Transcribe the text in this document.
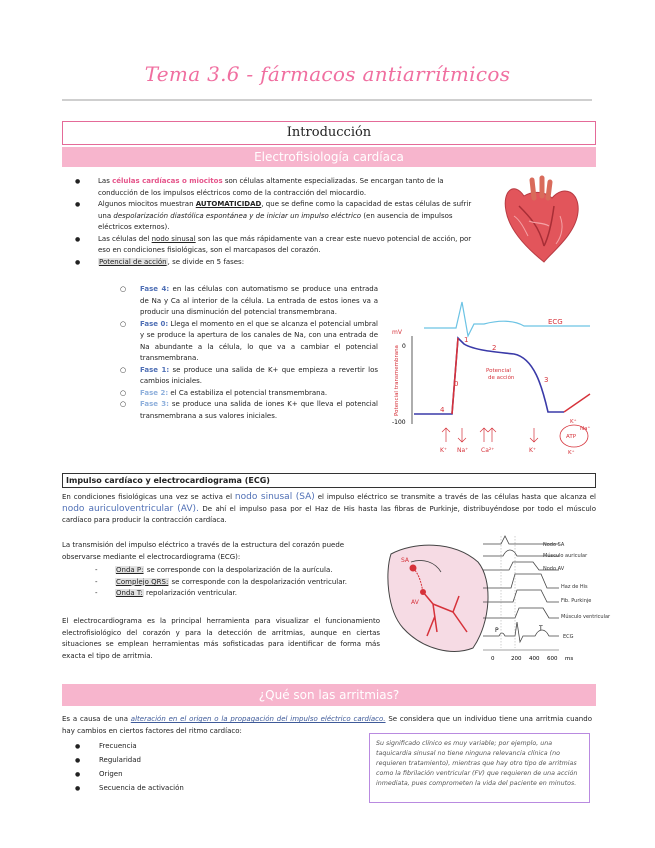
Tema 3.6 - fármacos antiarrítmicos
Introducción
Electrofisiología cardíaca
● Las células cardíacas o miocitos son células altamente especializadas. Se encargan tanto de la conducción de los impulsos eléctricos como de la contracción del miocardio.
● Algunos miocitos muestran AUTOMATICIDAD, que se define como la capacidad de estas células de sufrir una despolarización diastólica espontánea y de iniciar un impulso eléctrico (en ausencia de impulsos eléctricos externos).
● Las células del nodo sinusal son las que más rápidamente van a crear este nuevo potencial de acción, por eso en condiciones fisiológicas, son el marcapasos del corazón.
● Potencial de acción, se divide en 5 fases:
○ Fase 4: en las células con automatismo se produce una entrada de Na y Ca al interior de la célula. La entrada de estos iones va a producir una disminución del potencial transmembrana.
○ Fase 0: Llega el momento en el que se alcanza el potencial umbral y se produce la apertura de los canales de Na, con una entrada de Na abundante a la célula, lo que va a cambiar el potencial transmembrana.
○ Fase 1: se produce una salida de K+ que empieza a revertir los cambios iniciales.
○ Fase 2: el Ca estabiliza el potencial transmembrana.
○ Fase 3: se produce una salida de iones K+ que lleva el potencial transmembrana a sus valores iniciales.
ECG
mV
0
-100
Potencial transmembrana	0
1
2
3
4
Potencial
de acción
K⁺ Na⁺ Ca²⁺	K⁺
K⁺
ATP
Na⁺
K⁺
Impulso cardíaco y electrocardiograma (ECG)
En condiciones fisiológicas una vez se activa el nodo sinusal (SA) el impulso eléctrico se transmite a través de las células hasta que alcanza el nodo auriculoventricular (AV). De ahí el impulso pasa por el Haz de His hasta las fibras de Purkinje, distribuyéndose por todo el músculo cardíaco para producir la contracción cardíaca.
La transmisión del impulso eléctrico a través de la estructura del corazón puede observarse mediante el electrocardiograma (ECG):
- Onda P: se corresponde con la despolarización de la aurícula.
- Complejo QRS: se corresponde con la despolarización ventricular.
- Onda T: repolarización ventricular.
El electrocardiograma es la principal herramienta para visualizar el funcionamiento electrofisiológico del corazón y para la detección de arritmias, aunque en ciertas situaciones se emplean herramientas más sofisticadas para identificar de forma más exacta el tipo de arritmia.
SA
AV
P	T
0	200 400 600 ms
Nodo SA
Músculo auricular
Nodo AV
Haz de His
Fib. Purkinje
Músculo ventricular
ECG
¿Qué son las arritmias?
Es a causa de una alteración en el origen o la propagación del impulso eléctrico cardíaco. Se considera que un individuo tiene una arritmia cuando hay cambios en ciertos factores del ritmo cardíaco:
● Frecuencia
● Regularidad
● Origen
● Secuencia de activación
Su significado clínico es muy variable; por ejemplo, una taquicardia sinusal no tiene ninguna relevancia clínica (no requieren tratamiento), mientras que hay otro tipo de arritmias como la fibrilación ventricular (FV) que requieren de una acción inmediata, pues comprometen la vida del paciente en minutos.
